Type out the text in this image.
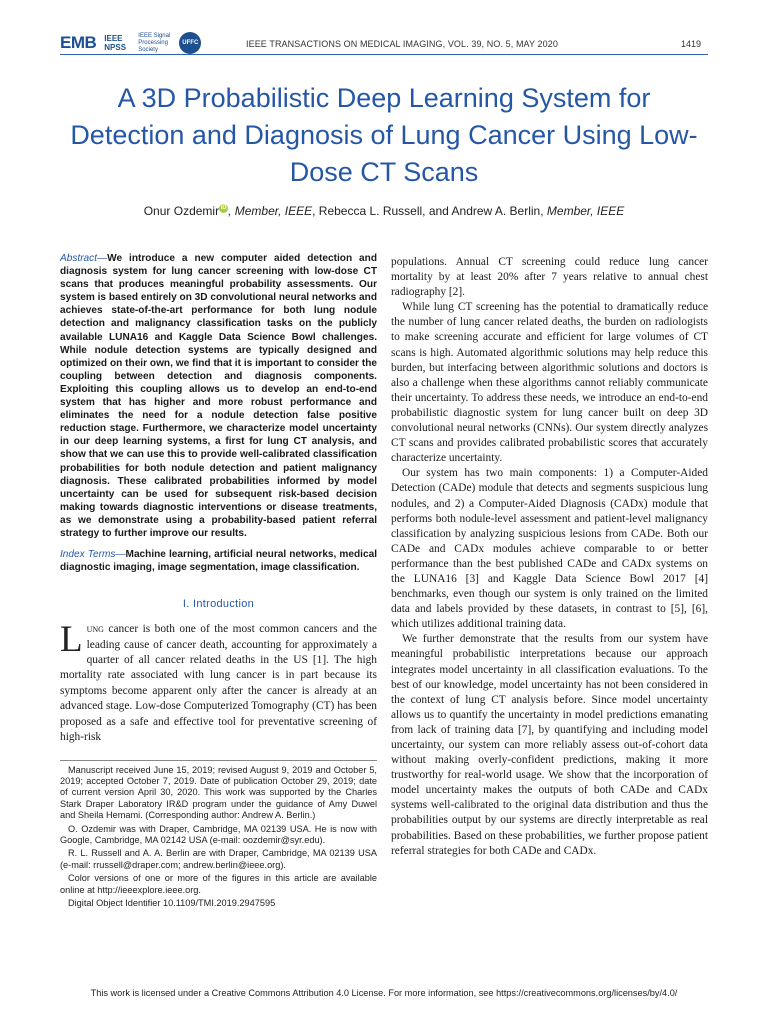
EMB IEEE NPSS
IEEE Signal Processing Society
UFFC	IEEE TRANSACTIONS ON MEDICAL IMAGING, VOL. 39, NO. 5, MAY 2020	1419
A 3D Probabilistic Deep Learning System for Detection and Diagnosis of Lung Cancer Using Low-Dose CT Scans
Onur Ozdemir iD , Member, IEEE, Rebecca L. Russell, and Andrew A. Berlin, Member, IEEE
Abstract—We introduce a new computer aided detection and diagnosis system for lung cancer screening with low-dose CT scans that produces meaningful probability assessments. Our system is based entirely on 3D convolutional neural networks and achieves state-of-the-art performance for both lung nodule detection and malignancy classification tasks on the publicly available LUNA16 and Kaggle Data Science Bowl challenges. While nodule detection systems are typically designed and optimized on their own, we find that it is important to consider the coupling between detection and diagnosis components. Exploiting this coupling allows us to develop an end-to-end system that has higher and more robust performance and eliminates the need for a nodule detection false positive reduction stage. Furthermore, we characterize model uncertainty in our deep learning systems, a first for lung CT analysis, and show that we can use this to provide well-calibrated classification probabilities for both nodule detection and patient malignancy diagnosis. These calibrated probabilities informed by model uncertainty can be used for subsequent risk-based decision making towards diagnostic interventions or disease treatments, as we demonstrate using a probability-based patient referral strategy to further improve our results.
Index Terms—Machine learning, artificial neural networks, medical diagnostic imaging, image segmentation, image classification.
I. Introduction
Lung cancer is both one of the most common cancers and the leading cause of cancer death, accounting for approximately a quarter of all cancer related deaths in the US [1]. The high mortality rate associated with lung cancer is in part because its symptoms become apparent only after the cancer is already at an advanced stage. Low-dose Computerized Tomography (CT) has been proposed as a safe and effective tool for preventative screening of high-risk

Manuscript received June 15, 2019; revised August 9, 2019 and October 5, 2019; accepted October 7, 2019. Date of publication October 29, 2019; date of current version April 30, 2020. This work was supported by the Charles Stark Draper Laboratory IR&D program under the guidance of Amy Duwel and Sheila Hemami. (Corresponding author: Andrew A. Berlin.)

O. Ozdemir was with Draper, Cambridge, MA 02139 USA. He is now with Google, Cambridge, MA 02142 USA (e-mail: oozdemir@syr.edu).

R. L. Russell and A. A. Berlin are with Draper, Cambridge, MA 02139 USA (e-mail: rrussell@draper.com; andrew.berlin@ieee.org).

Color versions of one or more of the figures in this article are available online at http://ieeexplore.ieee.org.

Digital Object Identifier 10.1109/TMI.2019.2947595

populations. Annual CT screening could reduce lung cancer mortality by at least 20% after 7 years relative to annual chest radiography [2].

While lung CT screening has the potential to dramatically reduce the number of lung cancer related deaths, the burden on radiologists to make screening accurate and efficient for large volumes of CT scans is high. Automated algorithmic solutions may help reduce this burden, but interfacing between algorithmic solutions and doctors is also a challenge when these algorithms cannot reliably communicate their uncertainty. To address these needs, we introduce an end-to-end probabilistic diagnostic system for lung cancer built on deep 3D convolutional neural networks (CNNs). Our system directly analyzes CT scans and provides calibrated probabilistic scores that accurately characterize uncertainty.

Our system has two main components: 1) a Computer-Aided Detection (CADe) module that detects and segments suspicious lung nodules, and 2) a Computer-Aided Diagnosis (CADx) module that performs both nodule-level assessment and patient-level malignancy classification by analyzing suspicious lesions from CADe. Both our CADe and CADx modules achieve comparable to or better performance than the best published CADe and CADx systems on the LUNA16 [3] and Kaggle Data Science Bowl 2017 [4] benchmarks, even though our system is only trained on the limited data and labels provided by these datasets, in contrast to [5], [6], which utilizes additional training data.

We further demonstrate that the results from our system have meaningful probabilistic interpretations because our approach integrates model uncertainty in all classification evaluations. To the best of our knowledge, model uncertainty has not been considered in the context of lung CT analysis before. Since model uncertainty allows us to quantify the uncertainty in model predictions emanating from lack of training data [7], by quantifying and including model uncertainty, our system can more reliably assess out-of-cohort data without making overly-confident predictions, making it more trustworthy for real-world usage. We show that the incorporation of model uncertainty makes the outputs of both CADe and CADx systems well-calibrated to the original data distribution and thus the probabilities output by our systems are directly interpretable as real probabilities. Based on these probabilities, we further propose patient referral strategies for both CADe and CADx.

This work is licensed under a Creative Commons Attribution 4.0 License. For more information, see https://creativecommons.org/licenses/by/4.0/
